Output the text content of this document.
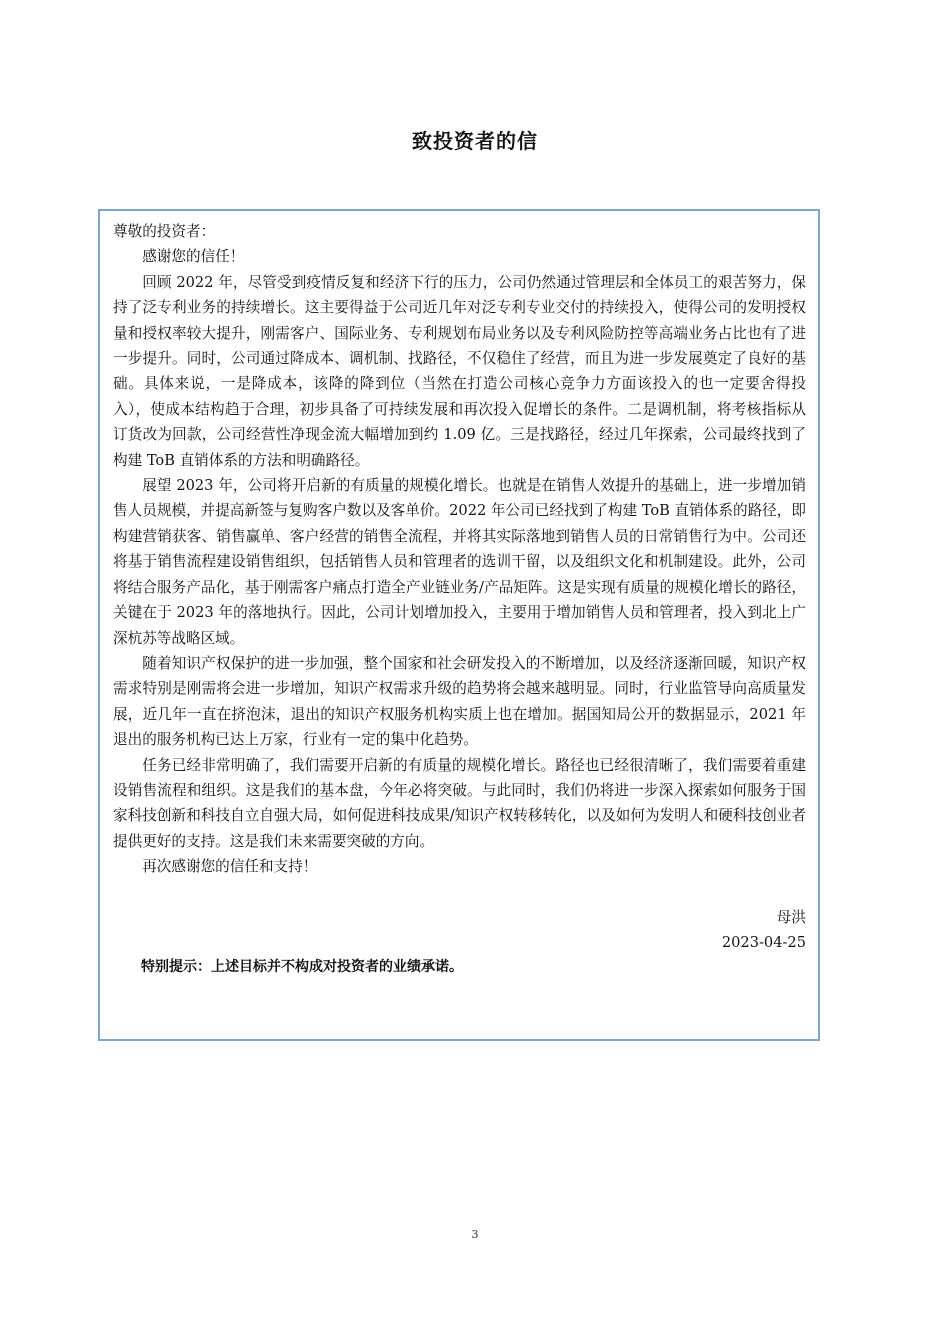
致投资者的信

尊敬的投资者：

感谢您的信任！

回顾 2022 年，尽管受到疫情反复和经济下行的压力，公司仍然通过管理层和全体员工的艰苦努力，保持了泛专利业务的持续增长。这主要得益于公司近几年对泛专利专业交付的持续投入，使得公司的发明授权量和授权率较大提升，刚需客户、国际业务、专利规划布局业务以及专利风险防控等高端业务占比也有了进一步提升。同时，公司通过降成本、调机制、找路径，不仅稳住了经营，而且为进一步发展奠定了良好的基础。具体来说，一是降成本，该降的降到位（当然在打造公司核心竞争力方面该投入的也一定要舍得投入），使成本结构趋于合理，初步具备了可持续发展和再次投入促增长的条件。二是调机制，将考核指标从订货改为回款，公司经营性净现金流大幅增加到约 1.09 亿。三是找路径，经过几年探索，公司最终找到了构建 ToB 直销体系的方法和明确路径。

展望 2023 年，公司将开启新的有质量的规模化增长。也就是在销售人效提升的基础上，进一步增加销售人员规模，并提高新签与复购客户数以及客单价。2022 年公司已经找到了构建 ToB 直销体系的路径，即构建营销获客、销售赢单、客户经营的销售全流程，并将其实际落地到销售人员的日常销售行为中。公司还将基于销售流程建设销售组织，包括销售人员和管理者的选训干留，以及组织文化和机制建设。此外，公司将结合服务产品化，基于刚需客户痛点打造全产业链业务/产品矩阵。这是实现有质量的规模化增长的路径，关键在于 2023 年的落地执行。因此，公司计划增加投入，主要用于增加销售人员和管理者，投入到北上广深杭苏等战略区域。

随着知识产权保护的进一步加强，整个国家和社会研发投入的不断增加，以及经济逐渐回暖，知识产权需求特别是刚需将会进一步增加，知识产权需求升级的趋势将会越来越明显。同时，行业监管导向高质量发展，近几年一直在挤泡沫，退出的知识产权服务机构实质上也在增加。据国知局公开的数据显示，2021 年退出的服务机构已达上万家，行业有一定的集中化趋势。

任务已经非常明确了，我们需要开启新的有质量的规模化增长。路径也已经很清晰了，我们需要着重建设销售流程和组织。这是我们的基本盘，今年必将突破。与此同时，我们仍将进一步深入探索如何服务于国家科技创新和科技自立自强大局，如何促进科技成果/知识产权转移转化，以及如何为发明人和硬科技创业者提供更好的支持。这是我们未来需要突破的方向。

再次感谢您的信任和支持！

母洪

2023-04-25

特别提示：上述目标并不构成对投资者的业绩承诺。

3
